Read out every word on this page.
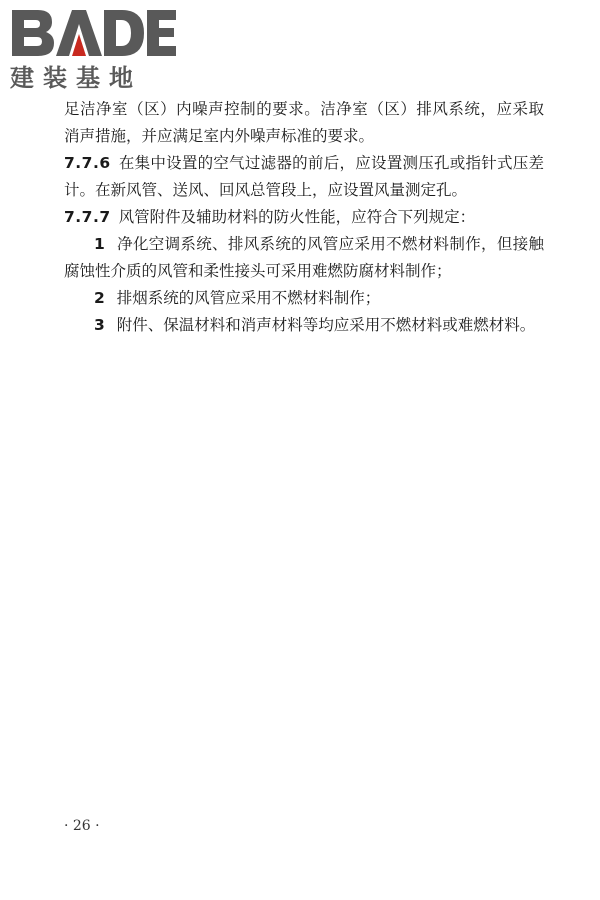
建装基地

足洁净室（区）内噪声控制的要求。洁净室（区）排风系统，应采取消声措施，并应满足室内外噪声标准的要求。

7.7.6 在集中设置的空气过滤器的前后，应设置测压孔或指针式压差计。在新风管、送风、回风总管段上，应设置风量测定孔。

7.7.7 风管附件及辅助材料的防火性能，应符合下列规定：

1 净化空调系统、排风系统的风管应采用不燃材料制作，但接触腐蚀性介质的风管和柔性接头可采用难燃防腐材料制作；

2 排烟系统的风管应采用不燃材料制作；

3 附件、保温材料和消声材料等均应采用不燃材料或难燃材料。

· 26 ·
